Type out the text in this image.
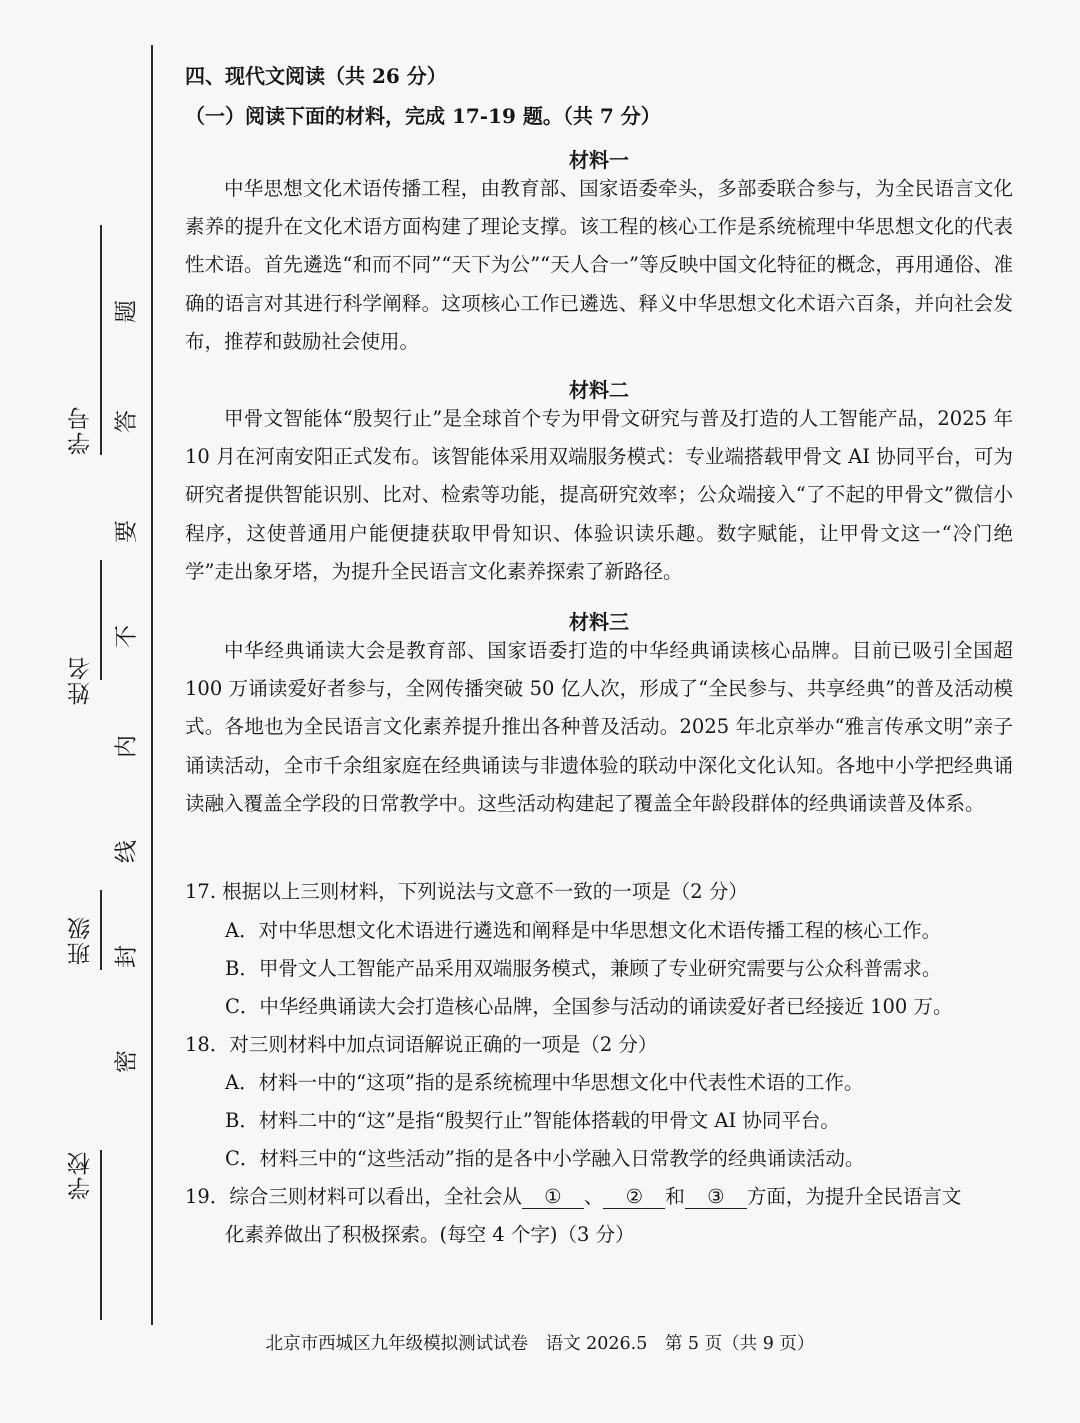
学号
姓名
班级
学校
题
答
要
不
内
线
封
密
四、现代文阅读（共 26 分）
（一）阅读下面的材料，完成 17-19 题。（共 7 分）
材料一

中华思想文化术语传播工程，由教育部、国家语委牵头，多部委联合参与，为全民语言文化素养的提升在文化术语方面构建了理论支撑。该工程的核心工作是系统梳理中华思想文化的代表性术语。首先遴选“和而不同”“天下为公”“天人合一”等反映中国文化特征的概念，再用通俗、准确的语言对其进行科学阐释。这项核心工作已遴选、释义中华思想文化术语六百条，并向社会发布，推荐和鼓励社会使用。

材料二

甲骨文智能体“殷契行止”是全球首个专为甲骨文研究与普及打造的人工智能产品，2025 年 10 月在河南安阳正式发布。该智能体采用双端服务模式：专业端搭载甲骨文 AI 协同平台，可为研究者提供智能识别、比对、检索等功能，提高研究效率；公众端接入“了不起的甲骨文”微信小程序，这使普通用户能便捷获取甲骨知识、体验识读乐趣。数字赋能，让甲骨文这一“冷门绝学”走出象牙塔，为提升全民语言文化素养探索了新路径。

材料三

中华经典诵读大会是教育部、国家语委打造的中华经典诵读核心品牌。目前已吸引全国超 100 万诵读爱好者参与，全网传播突破 50 亿人次，形成了“全民参与、共享经典”的普及活动模式。各地也为全民语言文化素养提升推出各种普及活动。2025 年北京举办“雅言传承文明”亲子诵读活动，全市千余组家庭在经典诵读与非遗体验的联动中深化文化认知。各地中小学把经典诵读融入覆盖全学段的日常教学中。这些活动构建起了覆盖全年龄段群体的经典诵读普及体系。

17. 根据以上三则材料，下列说法与文意不一致的一项是（2 分）
A．对中华思想文化术语进行遴选和阐释是中华思想文化术语传播工程的核心工作。
B．甲骨文人工智能产品采用双端服务模式，兼顾了专业研究需要与公众科普需求。
C．中华经典诵读大会打造核心品牌，全国参与活动的诵读爱好者已经接近 100 万。
18．对三则材料中加点词语解说正确的一项是（2 分）
A．材料一中的“这项”指的是系统梳理中华思想文化中代表性术语的工作。
B．材料二中的“这”是指“殷契行止”智能体搭载的甲骨文 AI 协同平台。
C．材料三中的“这些活动”指的是各中小学融入日常教学的经典诵读活动。
19．综合三则材料可以看出，全社会从 ① 、 ② 和 ③ 方面，为提升全民语言文
化素养做出了积极探索。(每空 4 个字)（3 分）
北京市西城区九年级模拟测试试卷　语文 2026.5　第 5 页（共 9 页）
